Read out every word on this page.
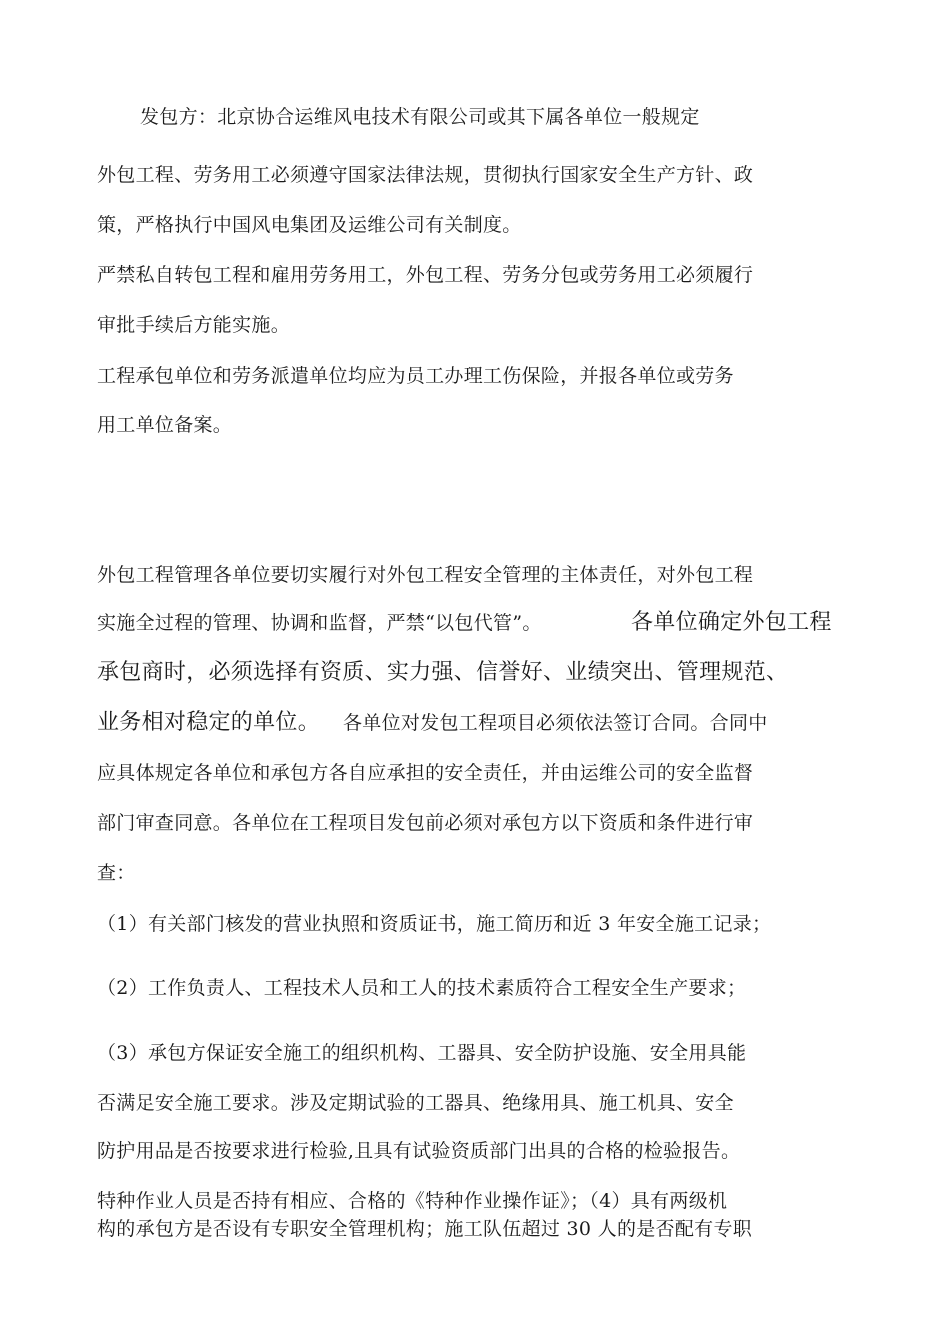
发包方：北京协合运维风电技术有限公司或其下属各单位一般规定
外包工程、劳务用工必须遵守国家法律法规，贯彻执行国家安全生产方针、政
策，严格执行中国风电集团及运维公司有关制度。
严禁私自转包工程和雇用劳务用工，外包工程、劳务分包或劳务用工必须履行
审批手续后方能实施。
工程承包单位和劳务派遣单位均应为员工办理工伤保险，并报各单位或劳务
用工单位备案。
外包工程管理各单位要切实履行对外包工程安全管理的主体责任，对外包工程
实施全过程的管理、协调和监督，严禁“以包代管”。	各单位确定外包工程
承包商时，必须选择有资质、实力强、信誉好、业绩突出、管理规范、
业务相对稳定的单位。 各单位对发包工程项目必须依法签订合同。合同中
应具体规定各单位和承包方各自应承担的安全责任，并由运维公司的安全监督
部门审查同意。各单位在工程项目发包前必须对承包方以下资质和条件进行审
查：
（1）有关部门核发的营业执照和资质证书，施工简历和近 3 年安全施工记录；
（2）工作负责人、工程技术人员和工人的技术素质符合工程安全生产要求；
（3）承包方保证安全施工的组织机构、工器具、安全防护设施、安全用具能
否满足安全施工要求。涉及定期试验的工器具、绝缘用具、施工机具、安全
防护用品是否按要求进行检验,且具有试验资质部门出具的合格的检验报告。
特种作业人员是否持有相应、合格的《特种作业操作证》；（4）具有两级机
构的承包方是否设有专职安全管理机构；施工队伍超过 30 人的是否配有专职
